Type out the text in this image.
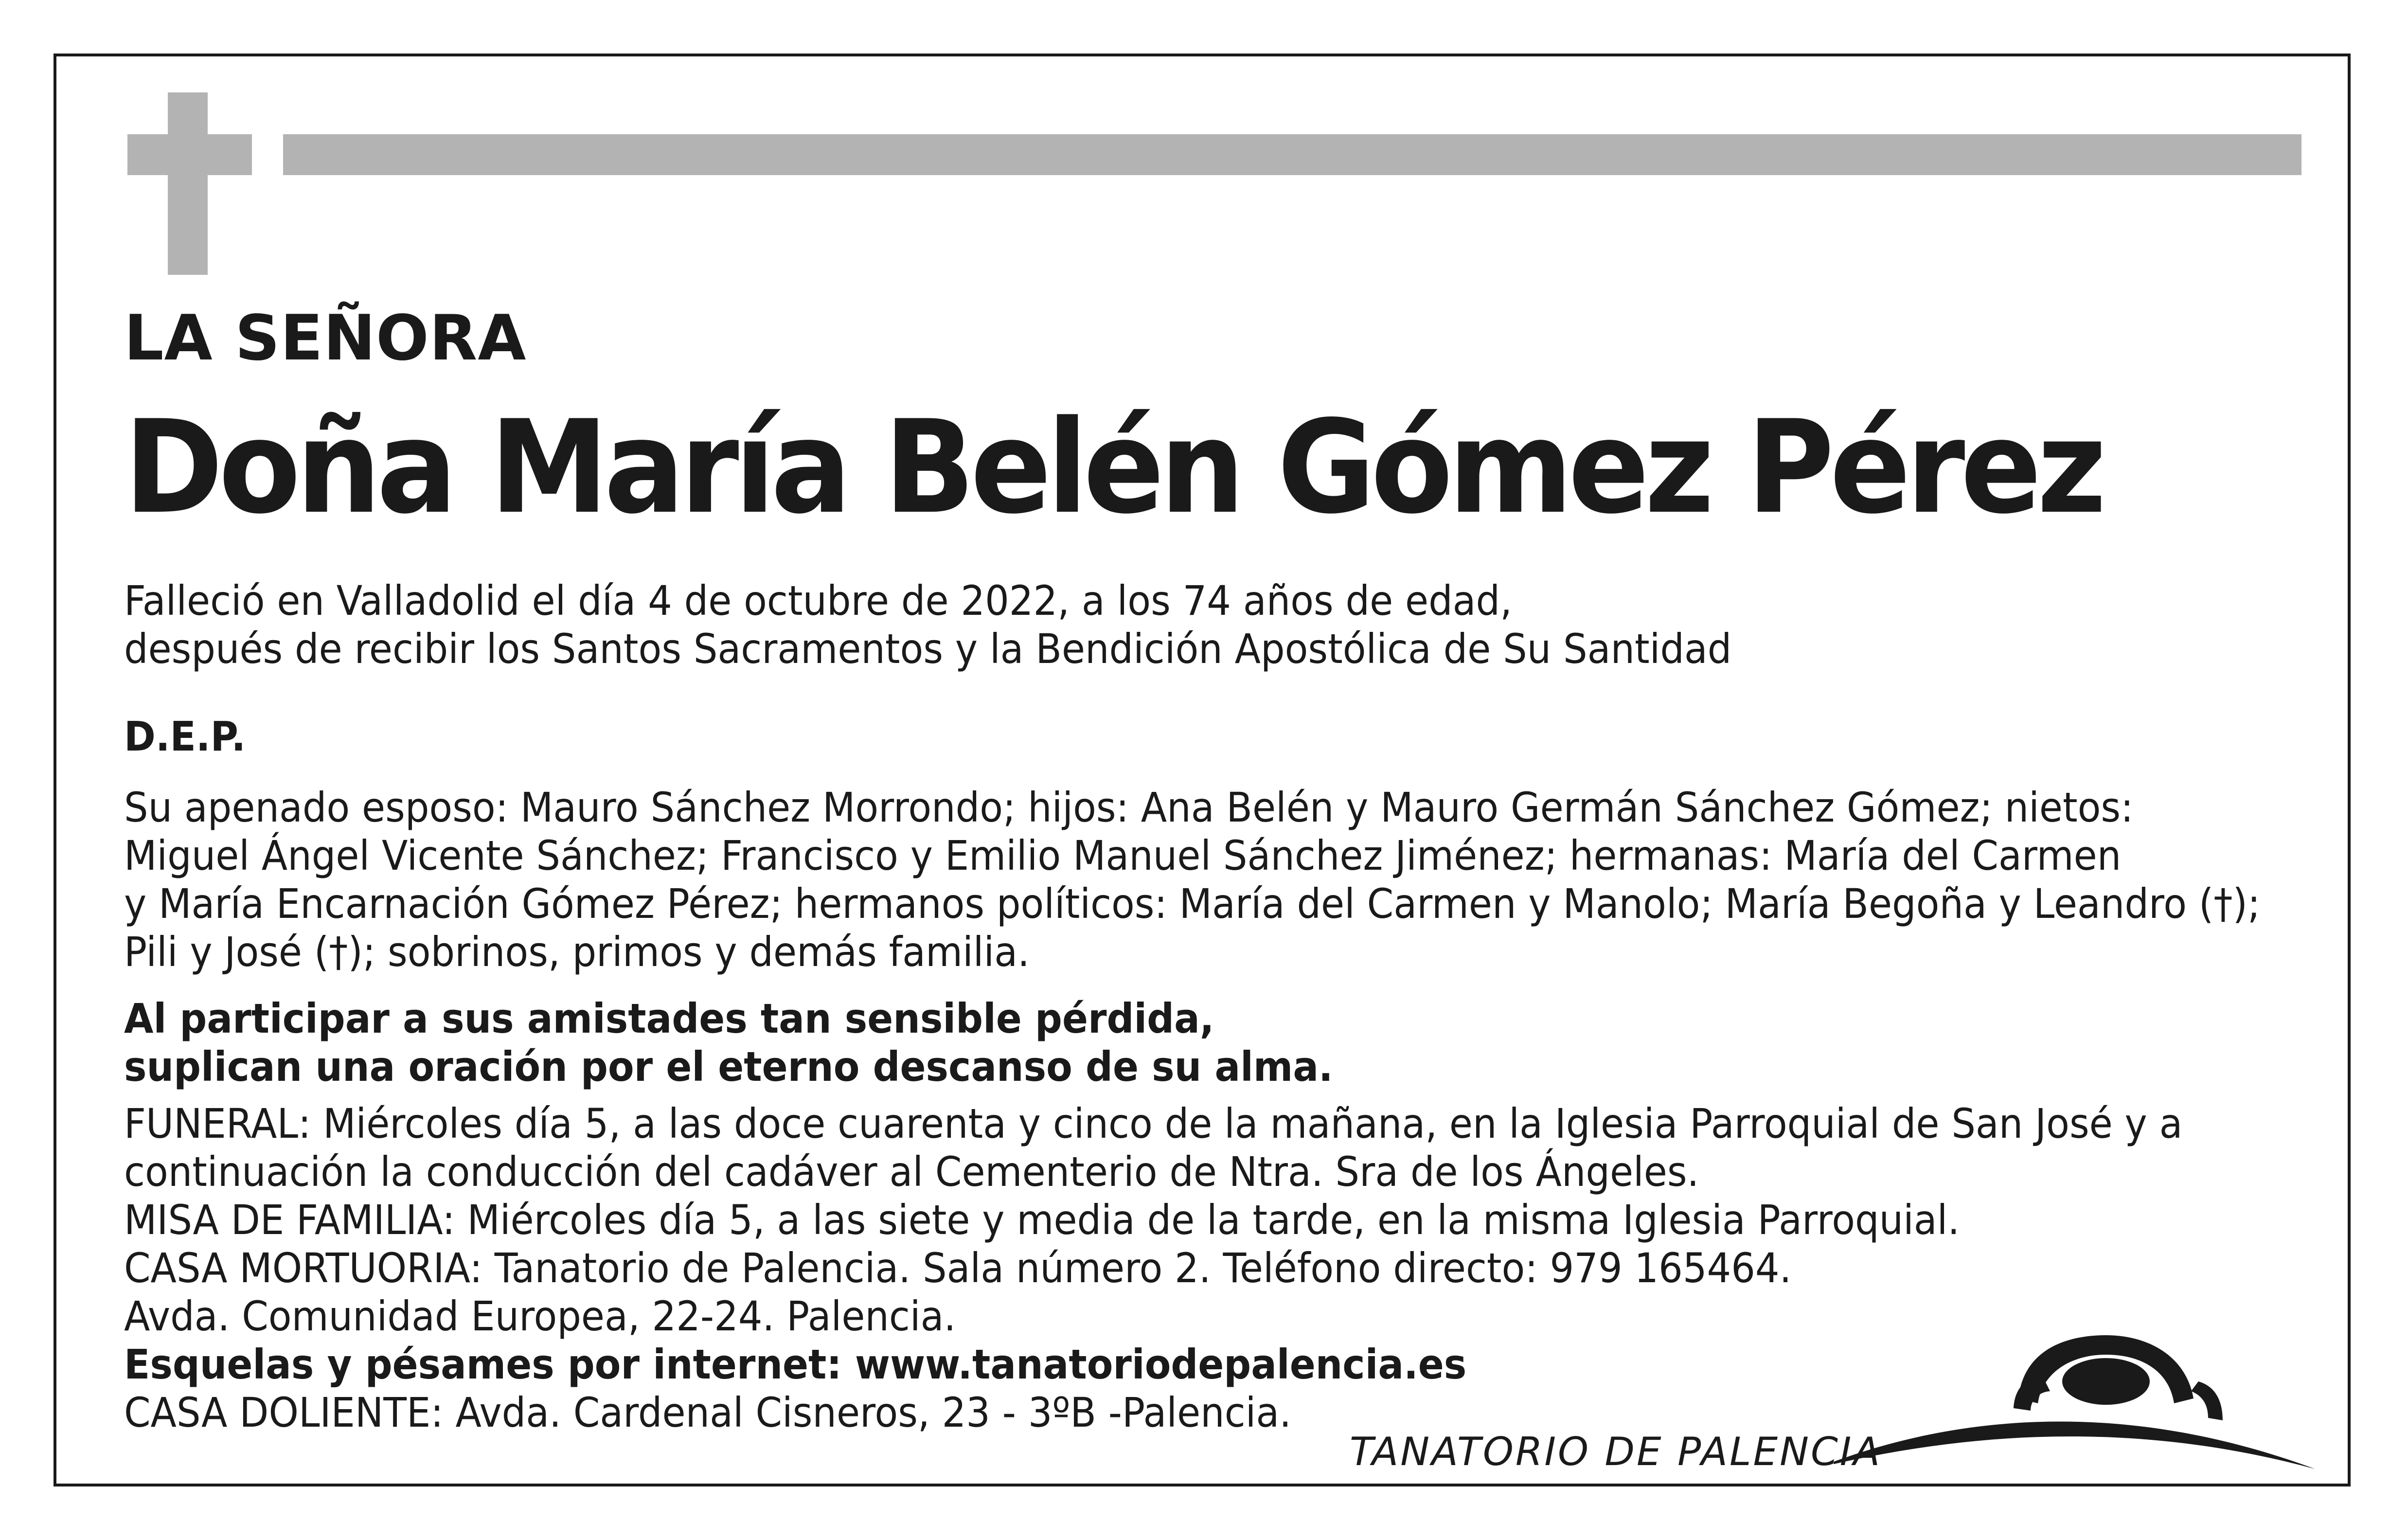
LA SEÑORA
Doña María Belén Gómez Pérez

Falleció en Valladolid el día 4 de octubre de 2022, a los 74 años de edad,

después de recibir los Santos Sacramentos y la Bendición Apostólica de Su Santidad

D.E.P.

Su apenado esposo: Mauro Sánchez Morrondo; hijos: Ana Belén y Mauro Germán Sánchez Gómez; nietos:

Miguel Ángel Vicente Sánchez; Francisco y Emilio Manuel Sánchez Jiménez; hermanas: María del Carmen

y María Encarnación Gómez Pérez; hermanos políticos: María del Carmen y Manolo; María Begoña y Leandro (†);

Pili y José (†); sobrinos, primos y demás familia.

Al participar a sus amistades tan sensible pérdida,

suplican una oración por el eterno descanso de su alma.

FUNERAL: Miércoles día 5, a las doce cuarenta y cinco de la mañana, en la Iglesia Parroquial de San José y a

continuación la conducción del cadáver al Cementerio de Ntra. Sra de los Ángeles.

MISA DE FAMILIA: Miércoles día 5, a las siete y media de la tarde, en la misma Iglesia Parroquial.

CASA MORTUORIA: Tanatorio de Palencia. Sala número 2. Teléfono directo: 979 165464.

Avda. Comunidad Europea, 22-24. Palencia.

Esquelas y pésames por internet: www.tanatoriodepalencia.es

CASA DOLIENTE: Avda. Cardenal Cisneros, 23 - 3ºB -Palencia.

TANATORIO DE PALENCIA
